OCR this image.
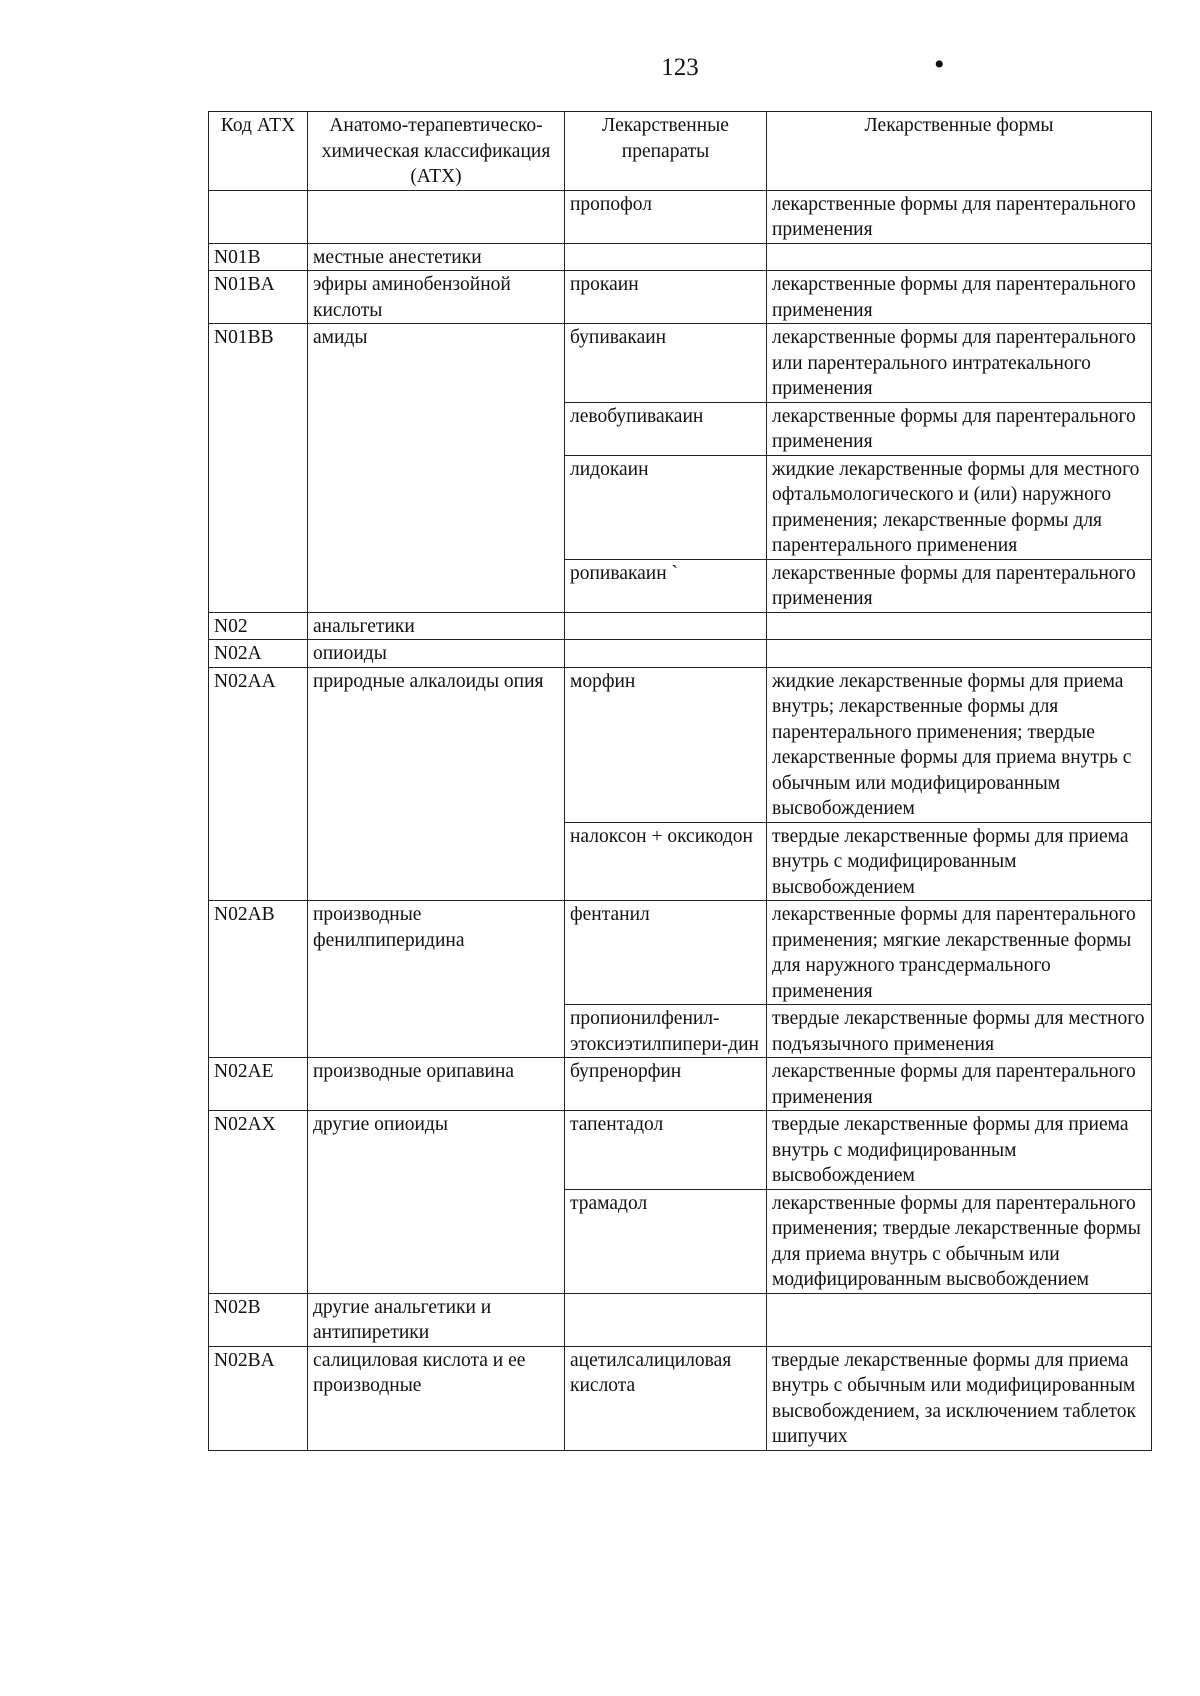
123	•
Код АТХ	Анатомо-терапевтическо-химическая классификация (АТХ)	Лекарственные препараты	Лекарственные формы
		пропофол	лекарственные формы для парентерального применения
N01B	местные анестетики		
N01BA	эфиры аминобензойной кислоты	прокаин	лекарственные формы для парентерального применения
N01BB	амиды	бупивакаин	лекарственные формы для парентерального или парентерального интратекального применения
		левобупивакаин	лекарственные формы для парентерального применения
		лидокаин	жидкие лекарственные формы для местного офтальмологического и (или) наружного применения; лекарственные формы для парентерального применения
		ропивакаин `	лекарственные формы для парентерального применения
N02	анальгетики		
N02A	опиоиды		
N02AA	природные алкалоиды опия	морфин	жидкие лекарственные формы для приема внутрь; лекарственные формы для парентерального применения; твердые лекарственные формы для приема внутрь с обычным или модифицированным высвобождением
		налоксон + оксикодон	твердые лекарственные формы для приема внутрь с модифицированным высвобождением
N02AB	производные фенилпиперидина	фентанил	лекарственные формы для парентерального применения; мягкие лекарственные формы для наружного трансдермального применения
		пропионилфенил-этоксиэтилпипери-дин	твердые лекарственные формы для местного подъязычного применения
N02AE	производные орипавина	бупренорфин	лекарственные формы для парентерального применения
N02AX	другие опиоиды	тапентадол	твердые лекарственные формы для приема внутрь с модифицированным высвобождением
		трамадол	лекарственные формы для парентерального применения; твердые лекарственные формы для приема внутрь с обычным или модифицированным высвобождением
N02B	другие анальгетики и антипиретики		
N02BA	салициловая кислота и ее производные	ацетилсалициловая кислота	твердые лекарственные формы для приема внутрь с обычным или модифицированным высвобождением, за исключением таблеток шипучих
